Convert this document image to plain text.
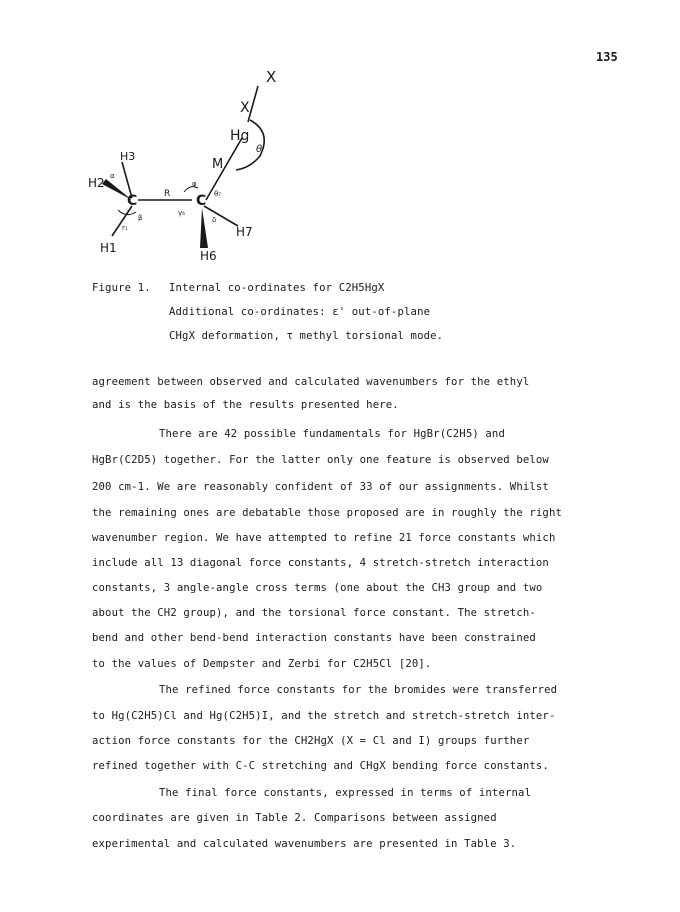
135
X
X
Hg
θ
M
H3
H2
C	R C
H1
H6
H7
α
β
r₁
γ₆
θ₇
δ
φ
Figure 1. Internal co-ordinates for C2H5HgX
Additional co-ordinates: ε' out-of-plane
CHgX deformation, τ methyl torsional mode.
agreement between observed and calculated wavenumbers for the ethyl
and is the basis of the results presented here.
There are 42 possible fundamentals for HgBr(C2H5) and
HgBr(C2D5) together. For the latter only one feature is observed below
200 cm-1. We are reasonably confident of 33 of our assignments. Whilst
the remaining ones are debatable those proposed are in roughly the right
wavenumber region. We have attempted to refine 21 force constants which
include all 13 diagonal force constants, 4 stretch-stretch interaction
constants, 3 angle-angle cross terms (one about the CH3 group and two
about the CH2 group), and the torsional force constant. The stretch-
bend and other bend-bend interaction constants have been constrained
to the values of Dempster and Zerbi for C2H5Cl [20].
The refined force constants for the bromides were transferred
to Hg(C2H5)Cl and Hg(C2H5)I, and the stretch and stretch-stretch inter-
action force constants for the CH2HgX (X = Cl and I) groups further
refined together with C-C stretching and CHgX bending force constants.
The final force constants, expressed in terms of internal
coordinates are given in Table 2. Comparisons between assigned
experimental and calculated wavenumbers are presented in Table 3.
